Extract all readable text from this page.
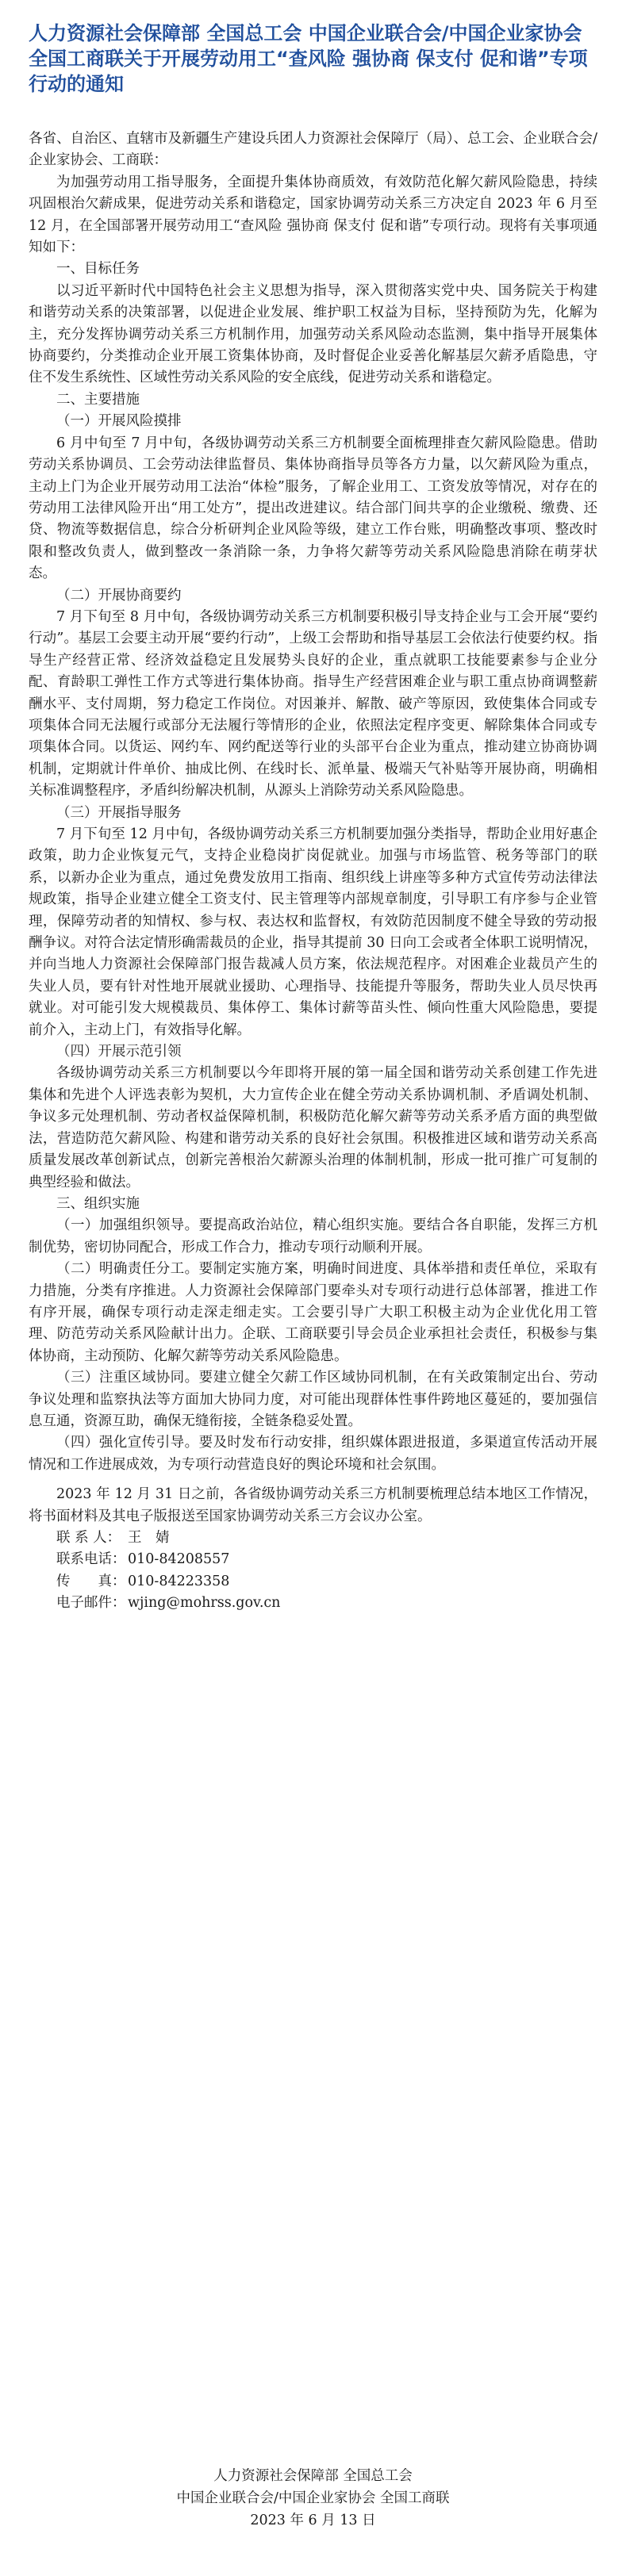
人力资源社会保障部 全国总工会 中国企业联合会/中国企业家协会 全国工商联关于开展劳动用工“查风险 强协商 保支付 促和谐”专项行动的通知

各省、自治区、直辖市及新疆生产建设兵团人力资源社会保障厅（局）、总工会、企业联合会/企业家协会、工商联：

为加强劳动用工指导服务，全面提升集体协商质效，有效防范化解欠薪风险隐患，持续巩固根治欠薪成果，促进劳动关系和谐稳定，国家协调劳动关系三方决定自 2023 年 6 月至 12 月，在全国部署开展劳动用工“查风险 强协商 保支付 促和谐”专项行动。现将有关事项通知如下：

一、目标任务

以习近平新时代中国特色社会主义思想为指导，深入贯彻落实党中央、国务院关于构建和谐劳动关系的决策部署，以促进企业发展、维护职工权益为目标，坚持预防为先，化解为主，充分发挥协调劳动关系三方机制作用，加强劳动关系风险动态监测，集中指导开展集体协商要约，分类推动企业开展工资集体协商，及时督促企业妥善化解基层欠薪矛盾隐患，守住不发生系统性、区域性劳动关系风险的安全底线，促进劳动关系和谐稳定。

二、主要措施

（一）开展风险摸排

6 月中旬至 7 月中旬，各级协调劳动关系三方机制要全面梳理排查欠薪风险隐患。借助劳动关系协调员、工会劳动法律监督员、集体协商指导员等各方力量，以欠薪风险为重点，主动上门为企业开展劳动用工法治“体检”服务，了解企业用工、工资发放等情况，对存在的劳动用工法律风险开出“用工处方”，提出改进建议。结合部门间共享的企业缴税、缴费、还贷、物流等数据信息，综合分析研判企业风险等级，建立工作台账，明确整改事项、整改时限和整改负责人，做到整改一条消除一条，力争将欠薪等劳动关系风险隐患消除在萌芽状态。

（二）开展协商要约

7 月下旬至 8 月中旬，各级协调劳动关系三方机制要积极引导支持企业与工会开展“要约行动”。基层工会要主动开展“要约行动”，上级工会帮助和指导基层工会依法行使要约权。指导生产经营正常、经济效益稳定且发展势头良好的企业，重点就职工技能要素参与企业分配、育龄职工弹性工作方式等进行集体协商。指导生产经营困难企业与职工重点协商调整薪酬水平、支付周期，努力稳定工作岗位。对因兼并、解散、破产等原因，致使集体合同或专项集体合同无法履行或部分无法履行等情形的企业，依照法定程序变更、解除集体合同或专项集体合同。以货运、网约车、网约配送等行业的头部平台企业为重点，推动建立协商协调机制，定期就计件单价、抽成比例、在线时长、派单量、极端天气补贴等开展协商，明确相关标准调整程序，矛盾纠纷解决机制，从源头上消除劳动关系风险隐患。

（三）开展指导服务

7 月下旬至 12 月中旬，各级协调劳动关系三方机制要加强分类指导，帮助企业用好惠企政策，助力企业恢复元气，支持企业稳岗扩岗促就业。加强与市场监管、税务等部门的联系，以新办企业为重点，通过免费发放用工指南、组织线上讲座等多种方式宣传劳动法律法规政策，指导企业建立健全工资支付、民主管理等内部规章制度，引导职工有序参与企业管理，保障劳动者的知情权、参与权、表达权和监督权，有效防范因制度不健全导致的劳动报酬争议。对符合法定情形确需裁员的企业，指导其提前 30 日向工会或者全体职工说明情况，并向当地人力资源社会保障部门报告裁减人员方案，依法规范程序。对困难企业裁员产生的失业人员，要有针对性地开展就业援助、心理指导、技能提升等服务，帮助失业人员尽快再就业。对可能引发大规模裁员、集体停工、集体讨薪等苗头性、倾向性重大风险隐患，要提前介入，主动上门，有效指导化解。

（四）开展示范引领

各级协调劳动关系三方机制要以今年即将开展的第一届全国和谐劳动关系创建工作先进集体和先进个人评选表彰为契机，大力宣传企业在健全劳动关系协调机制、矛盾调处机制、争议多元处理机制、劳动者权益保障机制，积极防范化解欠薪等劳动关系矛盾方面的典型做法，营造防范欠薪风险、构建和谐劳动关系的良好社会氛围。积极推进区域和谐劳动关系高质量发展改革创新试点，创新完善根治欠薪源头治理的体制机制，形成一批可推广可复制的典型经验和做法。

三、组织实施

（一）加强组织领导。要提高政治站位，精心组织实施。要结合各自职能，发挥三方机制优势，密切协同配合，形成工作合力，推动专项行动顺利开展。

（二）明确责任分工。要制定实施方案，明确时间进度、具体举措和责任单位，采取有力措施，分类有序推进。人力资源社会保障部门要牵头对专项行动进行总体部署，推进工作有序开展，确保专项行动走深走细走实。工会要引导广大职工积极主动为企业优化用工管理、防范劳动关系风险献计出力。企联、工商联要引导会员企业承担社会责任，积极参与集体协商，主动预防、化解欠薪等劳动关系风险隐患。

（三）注重区域协同。要建立健全欠薪工作区域协同机制，在有关政策制定出台、劳动争议处理和监察执法等方面加大协同力度，对可能出现群体性事件跨地区蔓延的，要加强信息互通，资源互助，确保无缝衔接，全链条稳妥处置。

（四）强化宣传引导。要及时发布行动安排，组织媒体跟进报道，多渠道宣传活动开展情况和工作进展成效，为专项行动营造良好的舆论环境和社会氛围。

2023 年 12 月 31 日之前，各省级协调劳动关系三方机制要梳理总结本地区工作情况，将书面材料及其电子版报送至国家协调劳动关系三方会议办公室。

联 系 人： 王　婧
联系电话： 010-84208557
传　　真： 010-84223358
电子邮件： wjing@mohrss.gov.cn
人力资源社会保障部 全国总工会
中国企业联合会/中国企业家协会 全国工商联
2023 年 6 月 13 日
